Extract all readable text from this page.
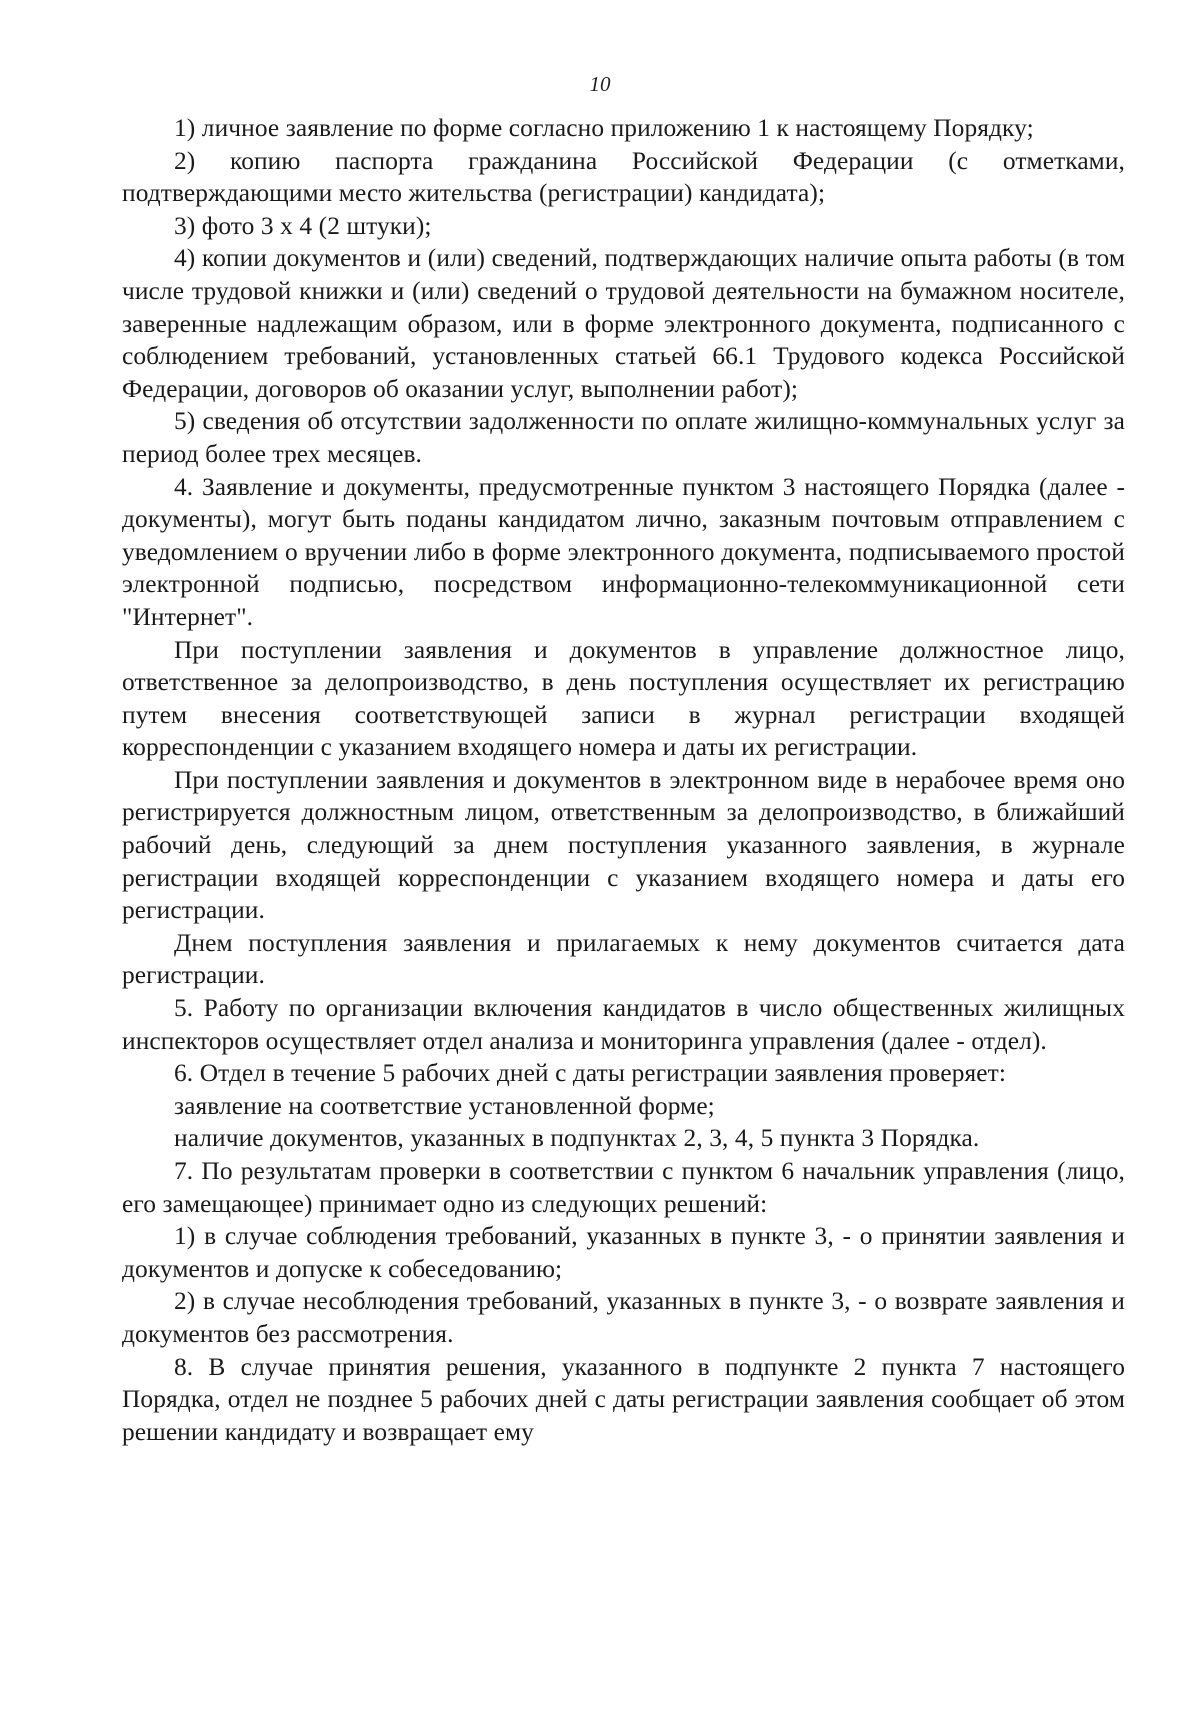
10

1) личное заявление по форме согласно приложению 1 к настоящему Порядку;

2) копию паспорта гражданина Российской Федерации (с отметками, подтверждающими место жительства (регистрации) кандидата);

3) фото 3 х 4 (2 штуки);

4) копии документов и (или) сведений, подтверждающих наличие опыта работы (в том числе трудовой книжки и (или) сведений о трудовой деятельности на бумажном носителе, заверенные надлежащим образом, или в форме электронного документа, подписанного с соблюдением требований, установленных статьей 66.1 Трудового кодекса Российской Федерации, договоров об оказании услуг, выполнении работ);

5) сведения об отсутствии задолженности по оплате жилищно-коммунальных услуг за период более трех месяцев.

4. Заявление и документы, предусмотренные пунктом 3 настоящего Порядка (далее - документы), могут быть поданы кандидатом лично, заказным почтовым отправлением с уведомлением о вручении либо в форме электронного документа, подписываемого простой электронной подписью, посредством информационно-телекоммуникационной сети "Интернет".

При поступлении заявления и документов в управление должностное лицо, ответственное за делопроизводство, в день поступления осуществляет их регистрацию путем внесения соответствующей записи в журнал регистрации входящей корреспонденции с указанием входящего номера и даты их регистрации.

При поступлении заявления и документов в электронном виде в нерабочее время оно регистрируется должностным лицом, ответственным за делопроизводство, в ближайший рабочий день, следующий за днем поступления указанного заявления, в журнале регистрации входящей корреспонденции с указанием входящего номера и даты его регистрации.

Днем поступления заявления и прилагаемых к нему документов считается дата регистрации.

5. Работу по организации включения кандидатов в число общественных жилищных инспекторов осуществляет отдел анализа и мониторинга управления (далее - отдел).

6. Отдел в течение 5 рабочих дней с даты регистрации заявления проверяет:

заявление на соответствие установленной форме;

наличие документов, указанных в подпунктах 2, 3, 4, 5 пункта 3 Порядка.

7. По результатам проверки в соответствии с пунктом 6 начальник управления (лицо, его замещающее) принимает одно из следующих решений:

1) в случае соблюдения требований, указанных в пункте 3, - о принятии заявления и документов и допуске к собеседованию;

2) в случае несоблюдения требований, указанных в пункте 3, - о возврате заявления и документов без рассмотрения.

8. В случае принятия решения, указанного в подпункте 2 пункта 7 настоящего Порядка, отдел не позднее 5 рабочих дней с даты регистрации заявления сообщает об этом решении кандидату и возвращает ему
